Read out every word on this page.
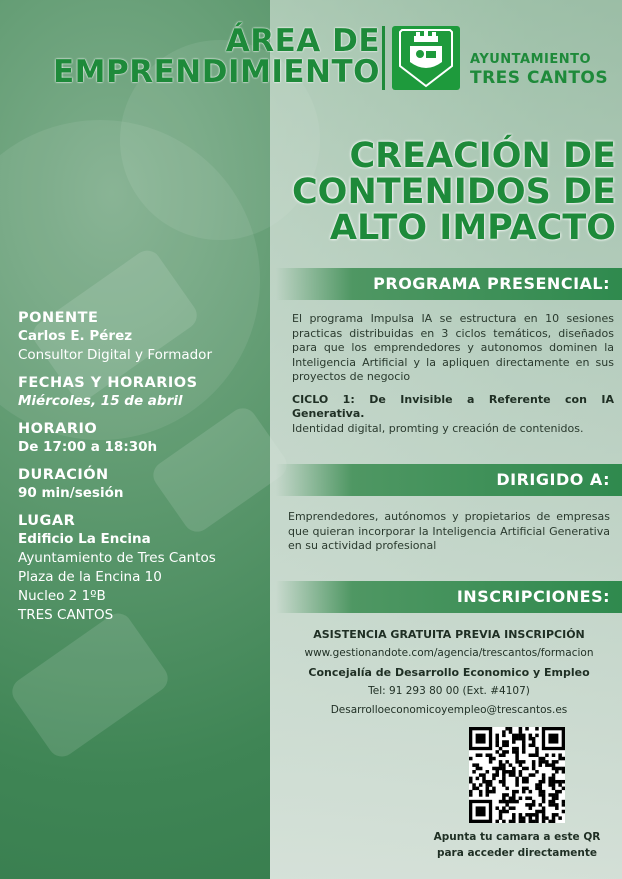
ÁREA DE
EMPRENDIMIENTO	AYUNTAMIENTO
TRES CANTOS
CREACIÓN DE
CONTENIDOS DE
ALTO IMPACTO
PROGRAMA PRESENCIAL:

El programa Impulsa IA se estructura en 10 sesiones practicas distribuidas en 3 ciclos temáticos, diseñados para que los emprendedores y autonomos dominen la Inteligencia Artificial y la apliquen directamente en sus proyectos de negocio

CICLO 1: De Invisible a Referente con IA Generativa.
Identidad digital, promting y creación de contenidos.
DIRIGIDO A:
Emprendedores, autónomos y propietarios de empresas que quieran incorporar la Inteligencia Artificial Generativa en su actividad profesional
INSCRIPCIONES:
ASISTENCIA GRATUITA PREVIA INSCRIPCIÓN
www.gestionandote.com/agencia/trescantos/formacion
Concejalía de Desarrollo Economico y Empleo
Tel: 91 293 80 00 (Ext. #4107)
Desarrolloeconomicoyempleo@trescantos.es
Apunta tu camara a este QR
para acceder directamente
PONENTE
Carlos E. Pérez
Consultor Digital y Formador
FECHAS Y HORARIOS
Miércoles, 15 de abril
HORARIO
De 17:00 a 18:30h
DURACIÓN
90 min/sesión
LUGAR
Edificio La Encina
Ayuntamiento de Tres Cantos
Plaza de la Encina 10
Nucleo 2 1ºB
TRES CANTOS
